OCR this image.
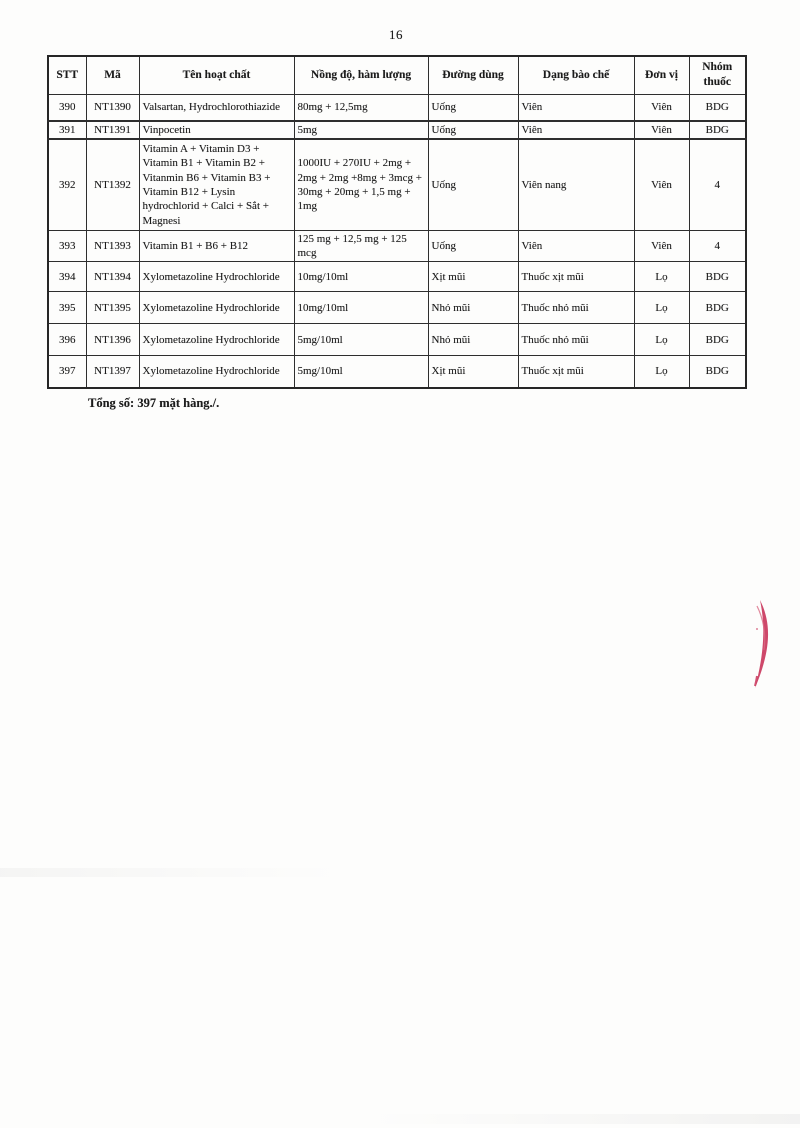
16
STT	Mã	Tên hoạt chất	Nồng độ, hàm lượng	Đường dùng	Dạng bào chế	Đơn vị	Nhóm thuốc
390	NT1390	Valsartan, Hydrochlorothiazide	80mg + 12,5mg	Uống	Viên	Viên	BDG
391	NT1391	Vinpocetin	5mg	Uống	Viên	Viên	BDG
392	NT1392	Vitamin A + Vitamin D3 + Vitamin B1 + Vitamin B2 + Vitanmin B6 + Vitamin B3 + Vitamin B12 + Lysin hydrochlorid + Calci + Sắt + Magnesi	1000IU + 270IU + 2mg + 2mg + 2mg +8mg + 3mcg + 30mg + 20mg + 1,5 mg + 1mg	Uống	Viên nang	Viên	4
393	NT1393	Vitamin B1 + B6 + B12	125 mg + 12,5 mg + 125 mcg	Uống	Viên	Viên	4
394	NT1394	Xylometazoline Hydrochloride	10mg/10ml	Xịt mũi	Thuốc xịt mũi	Lọ	BDG
395	NT1395	Xylometazoline Hydrochloride	10mg/10ml	Nhỏ mũi	Thuốc nhỏ mũi	Lọ	BDG
396	NT1396	Xylometazoline Hydrochloride	5mg/10ml	Nhỏ mũi	Thuốc nhỏ mũi	Lọ	BDG
397	NT1397	Xylometazoline Hydrochloride	5mg/10ml	Xịt mũi	Thuốc xịt mũi	Lọ	BDG
Tổng số: 397 mặt hàng./.
